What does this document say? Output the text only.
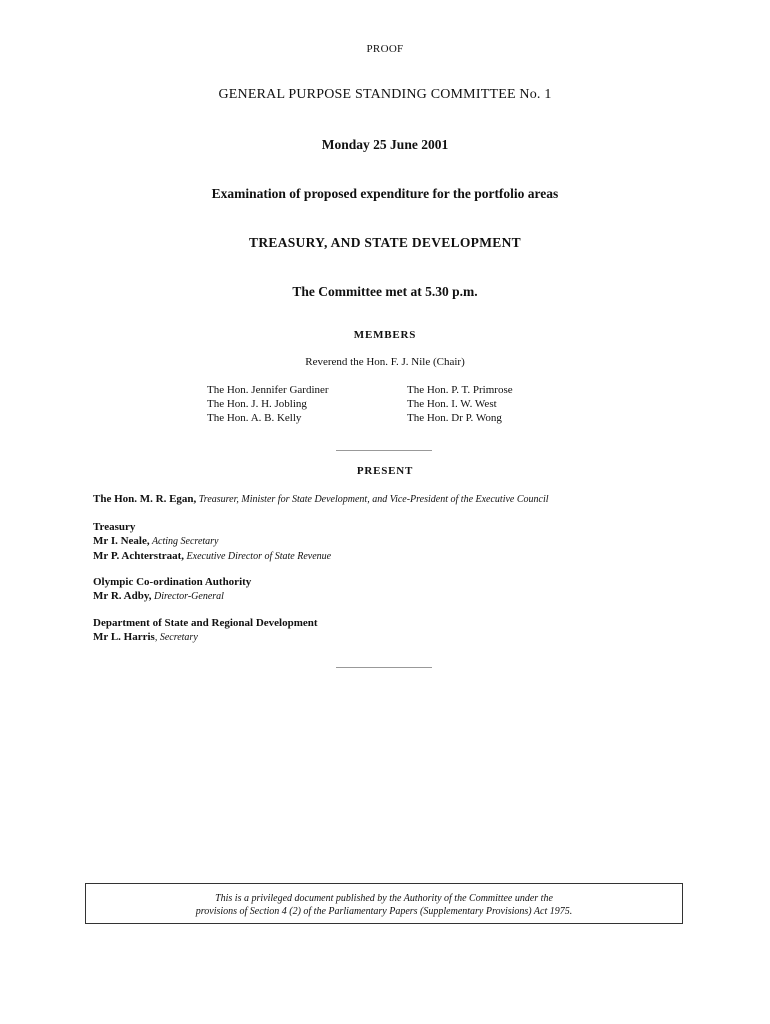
PROOF
GENERAL PURPOSE STANDING COMMITTEE No. 1
Monday 25 June 2001
Examination of proposed expenditure for the portfolio areas
TREASURY, AND STATE DEVELOPMENT
The Committee met at 5.30 p.m.
MEMBERS
Reverend the Hon. F. J. Nile (Chair)
The Hon. Jennifer Gardiner
The Hon. J. H. Jobling
The Hon. A. B. Kelly
The Hon. P. T. Primrose
The Hon. I. W. West
The Hon. Dr P. Wong
PRESENT
The Hon. M. R. Egan, Treasurer, Minister for State Development, and Vice-President of the Executive Council
Treasury
Mr I. Neale, Acting Secretary
Mr P. Achterstraat, Executive Director of State Revenue
Olympic Co-ordination Authority
Mr R. Adby, Director-General
Department of State and Regional Development
Mr L. Harris, Secretary
This is a privileged document published by the Authority of the Committee under the
provisions of Section 4 (2) of the Parliamentary Papers (Supplementary Provisions) Act 1975.
